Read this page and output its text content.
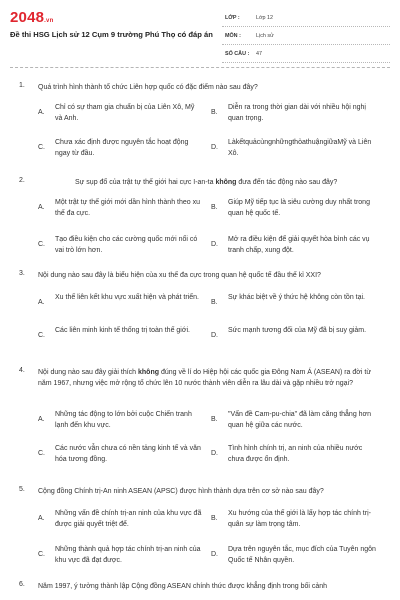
2048.vn
Đề thi HSG Lịch sử 12 Cụm 9 trường Phú Thọ có đáp án
LỚP :	Lớp 12
MÔN :	Lịch sử
SỐ CÂU : 47
1. Quá trình hình thành tổ chức Liên hợp quốc có đặc điểm nào sau đây?
A.
Chỉ có sự tham gia chuẩn bị của Liên Xô, Mỹ và Anh.
B.
Diễn ra trong thời gian dài với nhiều hội nghị quan trọng.
C.
Chưa xác định được nguyên tắc hoạt động ngay từ đầu.
D.
LàkếtquảcủngnhữngthỏathuậngiữaMỹ và Liên Xô.
2.	Sự sụp đổ của trật tự thế giới hai cực I-an-ta không đưa đến tác động nào sau đây?
A.
Một trật tự thế giới mới dần hình thành theo xu thế đa cực.
B.
Giúp Mỹ tiếp tục là siêu cường duy nhất trong quan hệ quốc tế.
C.
Tạo điều kiện cho các cường quốc mới nổi có vai trò lớn hơn.
D.
Mở ra điều kiện để giải quyết hòa bình các vụ tranh chấp, xung đột.
3. Nội dung nào sau đây là biểu hiện của xu thế đa cực trong quan hệ quốc tế đầu thế kỉ XXI?
A.
Xu thế liên kết khu vực xuất hiện và phát triển.
B.
Sự khác biệt về ý thức hệ không còn tồn tại.
C.
Các liên minh kinh tế thống trị toàn thế giới.
D.
Sức mạnh tương đối của Mỹ đã bị suy giảm.
4. Nội dung nào sau đây giải thích không đúng về lí do Hiệp hội các quốc gia Đông Nam Á (ASEAN) ra đời từ năm 1967, nhưng việc mở rộng tổ chức lên 10 nước thành viên diễn ra lâu dài và gặp nhiều trở ngại?
A.
Những tác động to lớn bởi cuộc Chiến tranh lạnh đến khu vực.
B.
"Vấn đề Cam-pu-chia" đã làm căng thẳng hơn quan hệ giữa các nước.
C.
Các nước vẫn chưa có nền tảng kinh tế và văn hóa tương đồng.
D.
Tình hình chính trị, an ninh của nhiều nước chưa được ổn định.
5. Cộng đồng Chính trị-An ninh ASEAN (APSC) được hình thành dựa trên cơ sở nào sau đây?
A.
Những vấn đề chính trị-an ninh của khu vực đã được giải quyết triệt để.
B.
Xu hướng của thế giới là lấy hợp tác chính trị-quân sự làm trọng tâm.
C.
Những thành quả hợp tác chính trị-an ninh của khu vực đã đạt được.
D.
Dựa trên nguyên tắc, mục đích của Tuyên ngôn Quốc tế Nhân quyền.
6. Năm 1997, ý tưởng thành lập Cộng đồng ASEAN chính thức được khẳng định trong bối cảnh
